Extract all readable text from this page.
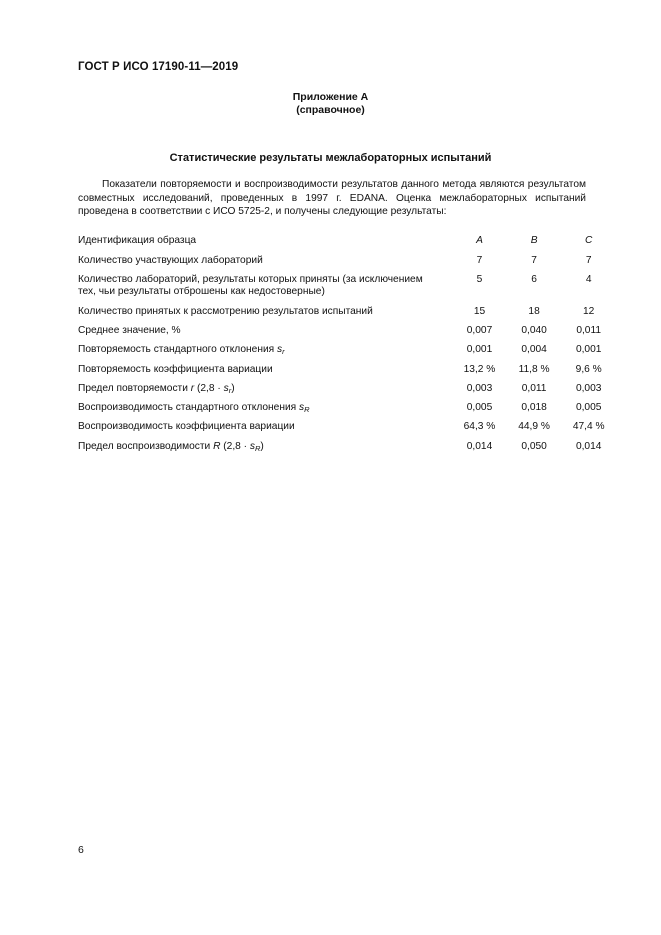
ГОСТ Р ИСО 17190-11—2019
Приложение А
(справочное)
Статистические результаты межлабораторных испытаний

Показатели повторяемости и воспроизводимости результатов данного метода являются результатом совместных исследований, проведенных в 1997 г. EDANA. Оценка межлабораторных испытаний проведена в соответствии с ИСО 5725-2, и получены следующие результаты:

Идентификация образца	A	B	C
Количество участвующих лабораторий	7	7	7
Количество лабораторий, результаты которых приняты (за исключением тех, чьи результаты отброшены как недостоверные)	5	6	4
Количество принятых к рассмотрению результатов испытаний	15	18	12
Среднее значение, %	0,007	0,040	0,011
Повторяемость стандартного отклонения $s_r$	0,001	0,004	0,001
Повторяемость коэффициента вариации	13,2 %	11,8 %	9,6 %
Предел повторяемости r $(2,8 \cdot s_r)$	0,003	0,011	0,003
Воспроизводимость стандартного отклонения $s_R$	0,005	0,018	0,005
Воспроизводимость коэффициента вариации	64,3 %	44,9 %	47,4 %
Предел воспроизводимости R $(2,8 \cdot s_R)$	0,014	0,050	0,014
6
